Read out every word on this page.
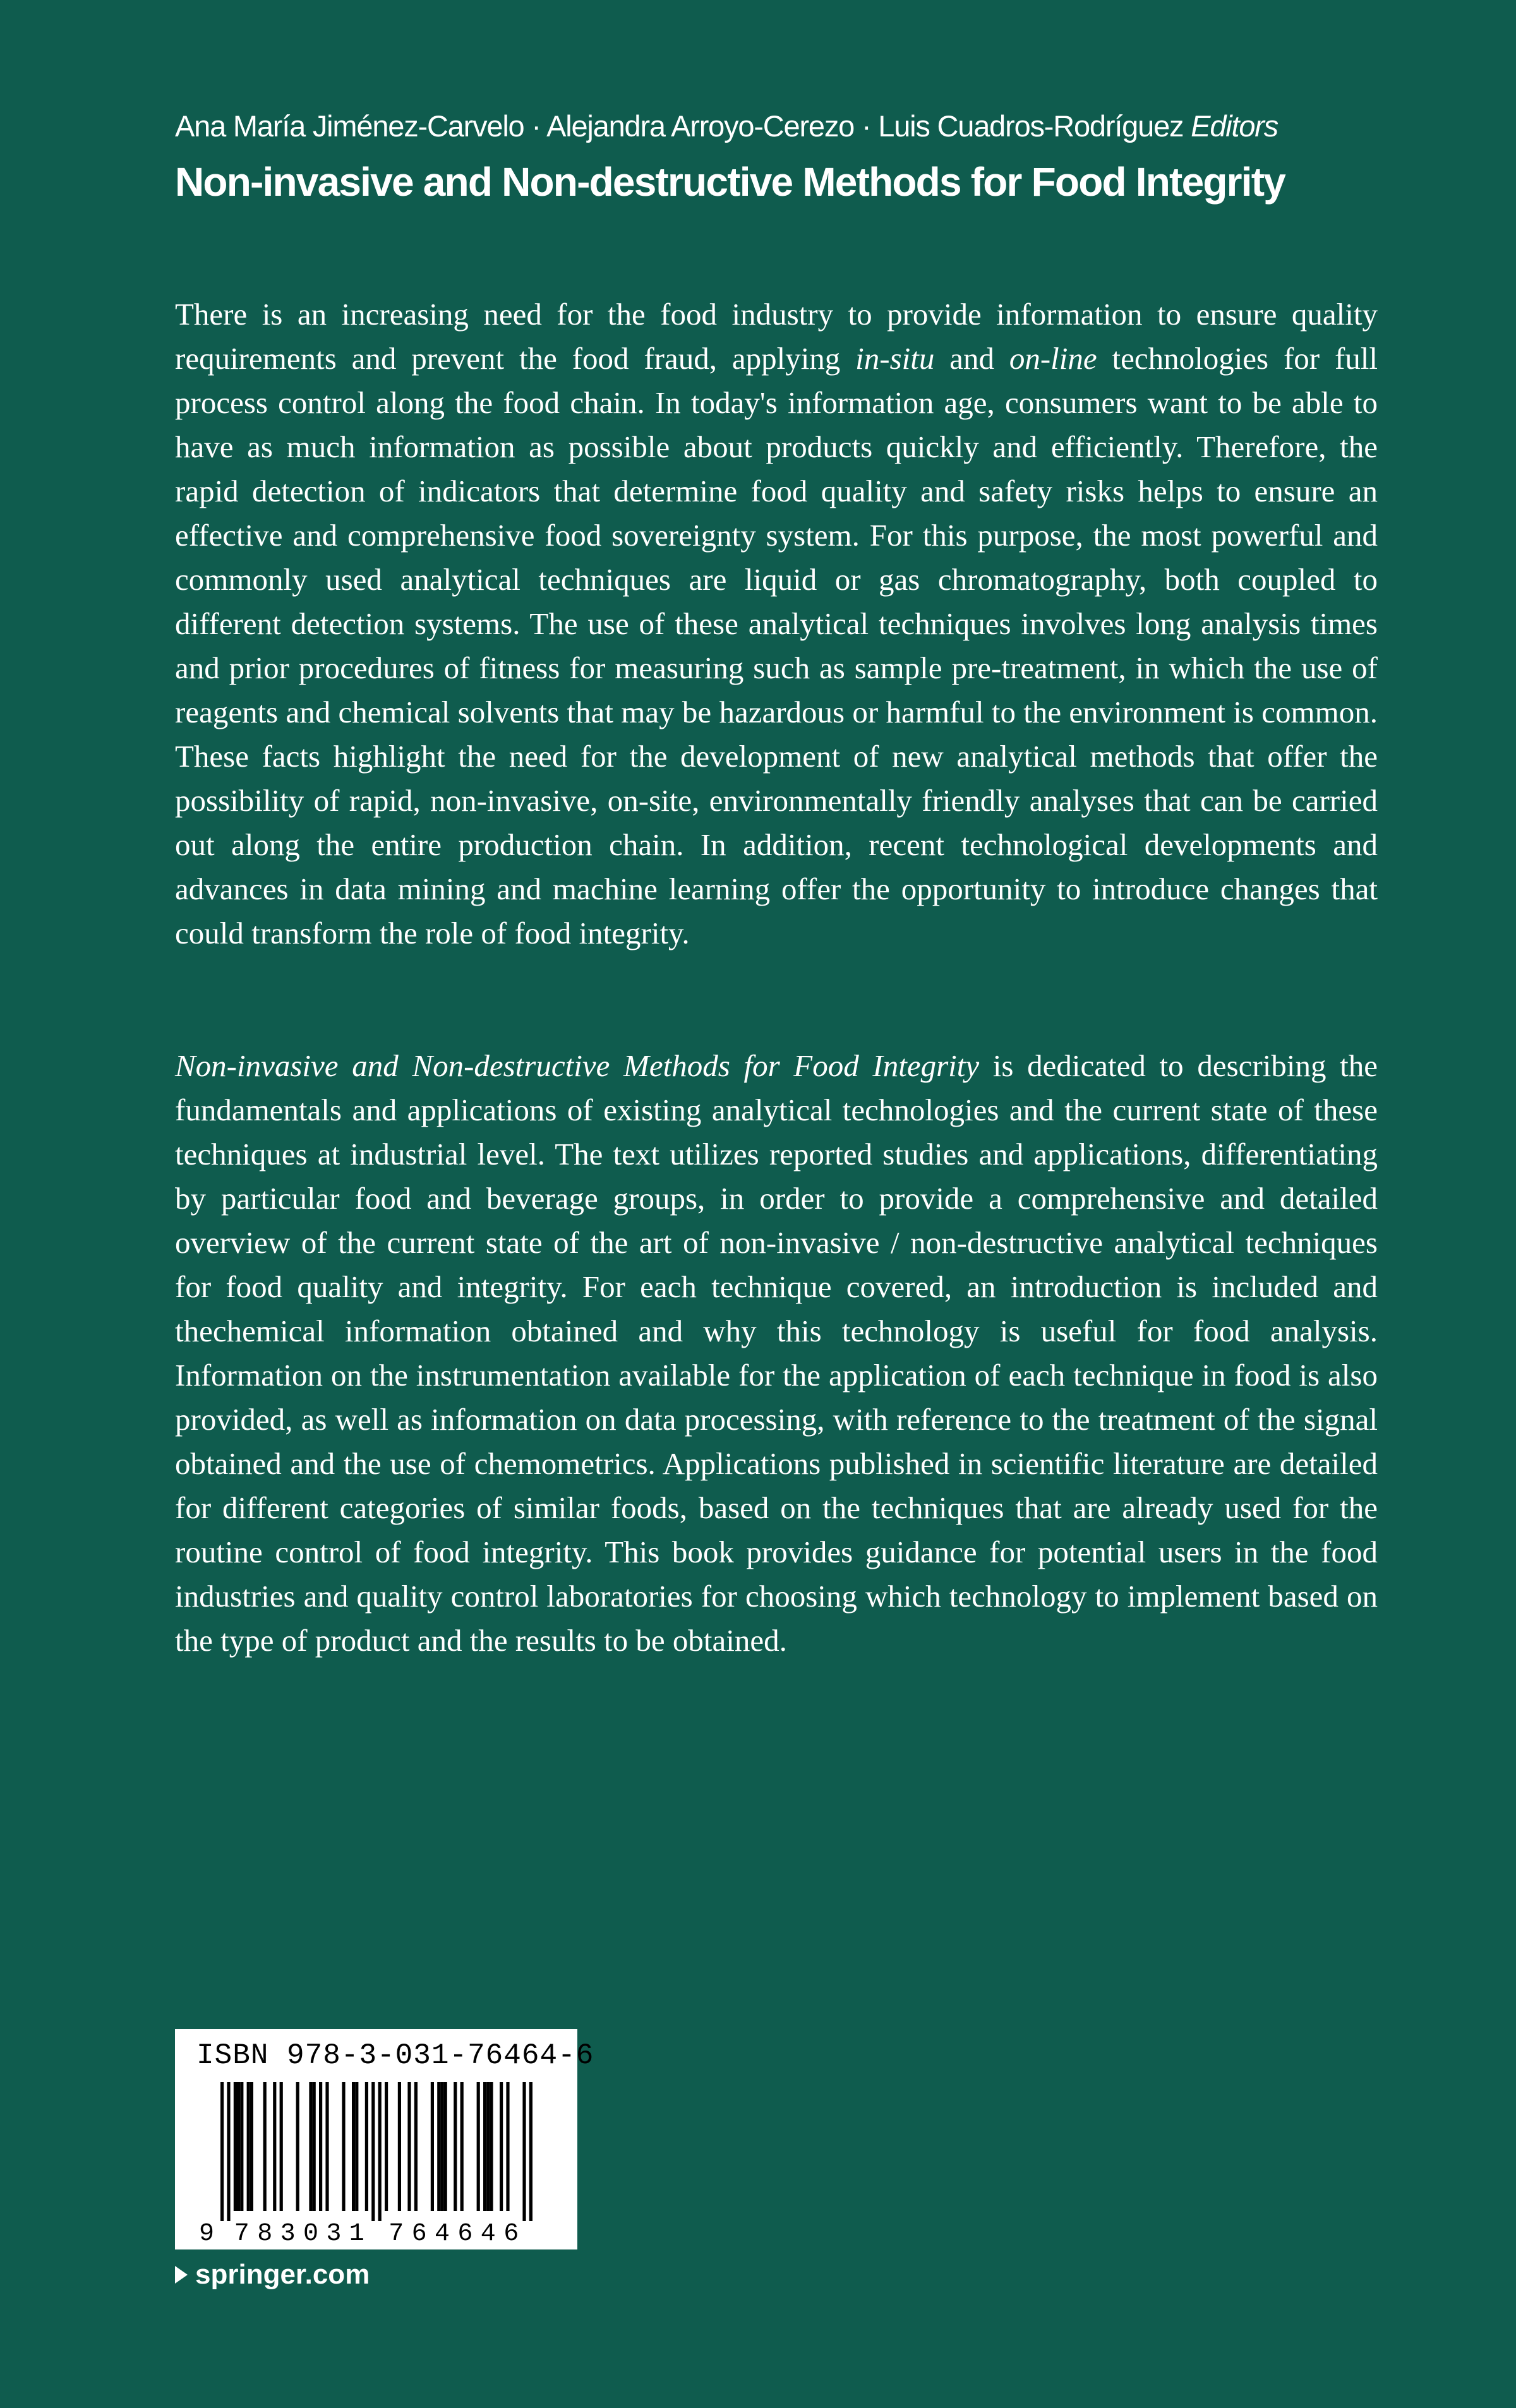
Ana María Jiménez-Carvelo · Alejandra Arroyo-Cerezo · Luis Cuadros-Rodríguez Editors
Non-invasive and Non-destructive Methods for Food Integrity

There is an increasing need for the food industry to provide information to ensure quality requirements and prevent the food fraud, applying in-situ and on-line technologies for full process control along the food chain. In today's information age, consumers want to be able to have as much information as possible about products quickly and efficiently. Therefore, the rapid detection of indicators that determine food quality and safety risks helps to ensure an effective and comprehensive food sovereignty system. For this purpose, the most powerful and commonly used analytical techniques are liquid or gas chromatography, both coupled to different detection systems. The use of these analytical techniques involves long analysis times and prior procedures of fitness for measuring such as sample pre-treatment, in which the use of reagents and chemical solvents that may be hazardous or harmful to the environment is common. These facts highlight the need for the development of new analytical methods that offer the possibility of rapid, non-invasive, on-site, environmentally friendly analyses that can be carried out along the entire production chain. In addition, recent technological developments and advances in data mining and machine learning offer the opportunity to introduce changes that could transform the role of food integrity.

Non-invasive and Non-destructive Methods for Food Integrity is dedicated to describing the fundamentals and applications of existing analytical technologies and the current state of these techniques at industrial level. The text utilizes reported studies and applications, differentiating by particular food and beverage groups, in order to provide a comprehensive and detailed overview of the current state of the art of non-invasive / non-destructive analytical techniques for food quality and integrity. For each technique covered, an introduction is included and thechemical information obtained and why this technology is useful for food analysis. Information on the instrumentation available for the application of each technique in food is also provided, as well as information on data processing, with reference to the treatment of the signal obtained and the use of chemometrics. Applications published in scientific literature are detailed for different categories of similar foods, based on the techniques that are already used for the routine control of food integrity. This book provides guidance for potential users in the food industries and quality control laboratories for choosing which technology to implement based on the type of product and the results to be obtained.

ISBN 978-3-031-76464-6
9 7 8 3 0 3 1 7 6 4 6 4 6
springer.com
